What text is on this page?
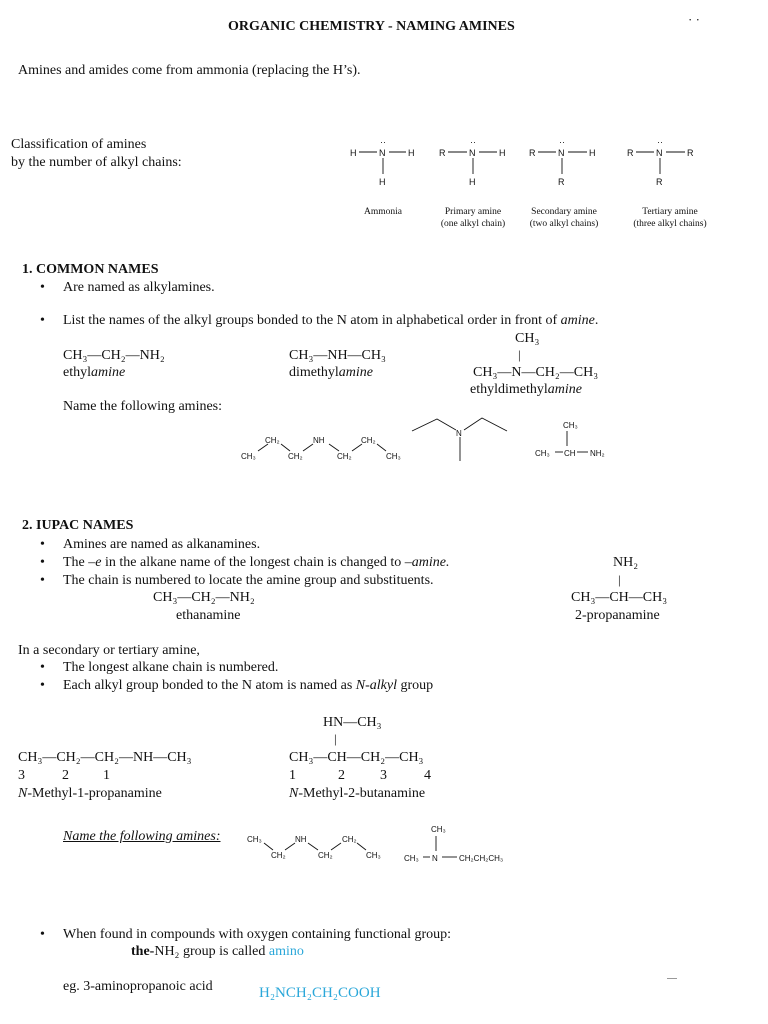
ORGANIC CHEMISTRY - NAMING AMINES	· ·
Amines and amides come from ammonia (replacing the H’s).
Classification of amines
by the number of alkyl chains:
H	N
··
H
H
R	N
··
H
H
R	N
··
H
R
R	N
··
R
R
Ammonia	Primary amine
(one alkyl chain)
Secondary amine
(two alkyl chains)
Tertiary amine
(three alkyl chains)
1. COMMON NAMES
• Are named as alkylamines.
• List the names of the alkyl groups bonded to the N atom in alphabetical order in front of amine.
CH₃—CH₂—NH₂
ethylamine
CH₃—NH—CH₃
dimethylamine
CH₃
|
CH₃—N—CH₂—CH₃
ethyldimethylamine
Name the following amines:
CH₃
CH₂
CH₂
NH
CH₂
CH₂
CH₃
N
CH₃
CH₃ CH NH₂
2. IUPAC NAMES
• Amines are named as alkanamines.
• The –e in the alkane name of the longest chain is changed to –amine.
• The chain is numbered to locate the amine group and substituents.
CH₃—CH₂—NH₂
ethanamine
NH₂
|
CH₃—CH—CH₃
2-propanamine
In a secondary or tertiary amine,
• The longest alkane chain is numbered.
• Each alkyl group bonded to the N atom is named as N-alkyl group
HN—CH₃
|
CH₃—CH₂—CH₂—NH—CH₃
3	2 1
N-Methyl-1-propanamine
CH₃—CH—CH₂—CH₃
1	2	3	4
N-Methyl-2-butanamine
Name the following amines:	CH₃
CH₂
NH
CH₂
CH₂
CH₃
CH₃
CH₃ N	CH₂CH₂CH₃
• When found in compounds with oxygen containing functional group:
the-NH₂ group is called amino
eg. 3-aminopropanoic acid	H₂NCH₂CH₂COOH
